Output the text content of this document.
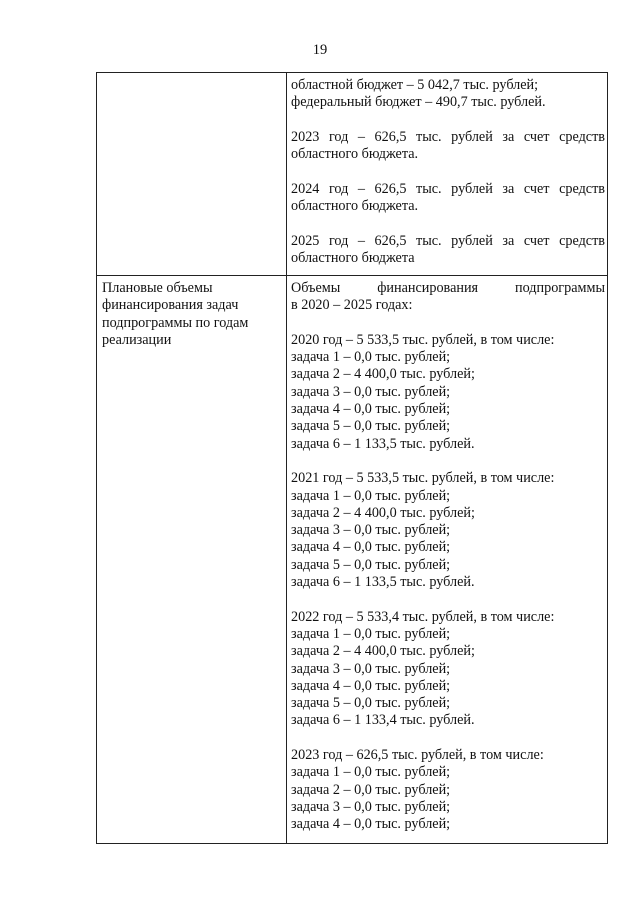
19
областной бюджет – 5 042,7 тыс. рублей;
федеральный бюджет – 490,7 тыс. рублей.
2023 год – 626,5 тыс. рублей за счет средств
областного бюджета.
2024 год – 626,5 тыс. рублей за счет средств
областного бюджета.
2025 год – 626,5 тыс. рублей за счет средств
областного бюджета
Плановые объемы
финансирования задач
подпрограммы по годам
реализации
Объемы финансирования подпрограммы
в 2020 – 2025 годах:
2020 год – 5 533,5 тыс. рублей, в том числе:
задача 1 – 0,0 тыс. рублей;
задача 2 – 4 400,0 тыс. рублей;
задача 3 – 0,0 тыс. рублей;
задача 4 – 0,0 тыс. рублей;
задача 5 – 0,0 тыс. рублей;
задача 6 – 1 133,5 тыс. рублей.
2021 год – 5 533,5 тыс. рублей, в том числе:
задача 1 – 0,0 тыс. рублей;
задача 2 – 4 400,0 тыс. рублей;
задача 3 – 0,0 тыс. рублей;
задача 4 – 0,0 тыс. рублей;
задача 5 – 0,0 тыс. рублей;
задача 6 – 1 133,5 тыс. рублей.
2022 год – 5 533,4 тыс. рублей, в том числе:
задача 1 – 0,0 тыс. рублей;
задача 2 – 4 400,0 тыс. рублей;
задача 3 – 0,0 тыс. рублей;
задача 4 – 0,0 тыс. рублей;
задача 5 – 0,0 тыс. рублей;
задача 6 – 1 133,4 тыс. рублей.
2023 год – 626,5 тыс. рублей, в том числе:
задача 1 – 0,0 тыс. рублей;
задача 2 – 0,0 тыс. рублей;
задача 3 – 0,0 тыс. рублей;
задача 4 – 0,0 тыс. рублей;
